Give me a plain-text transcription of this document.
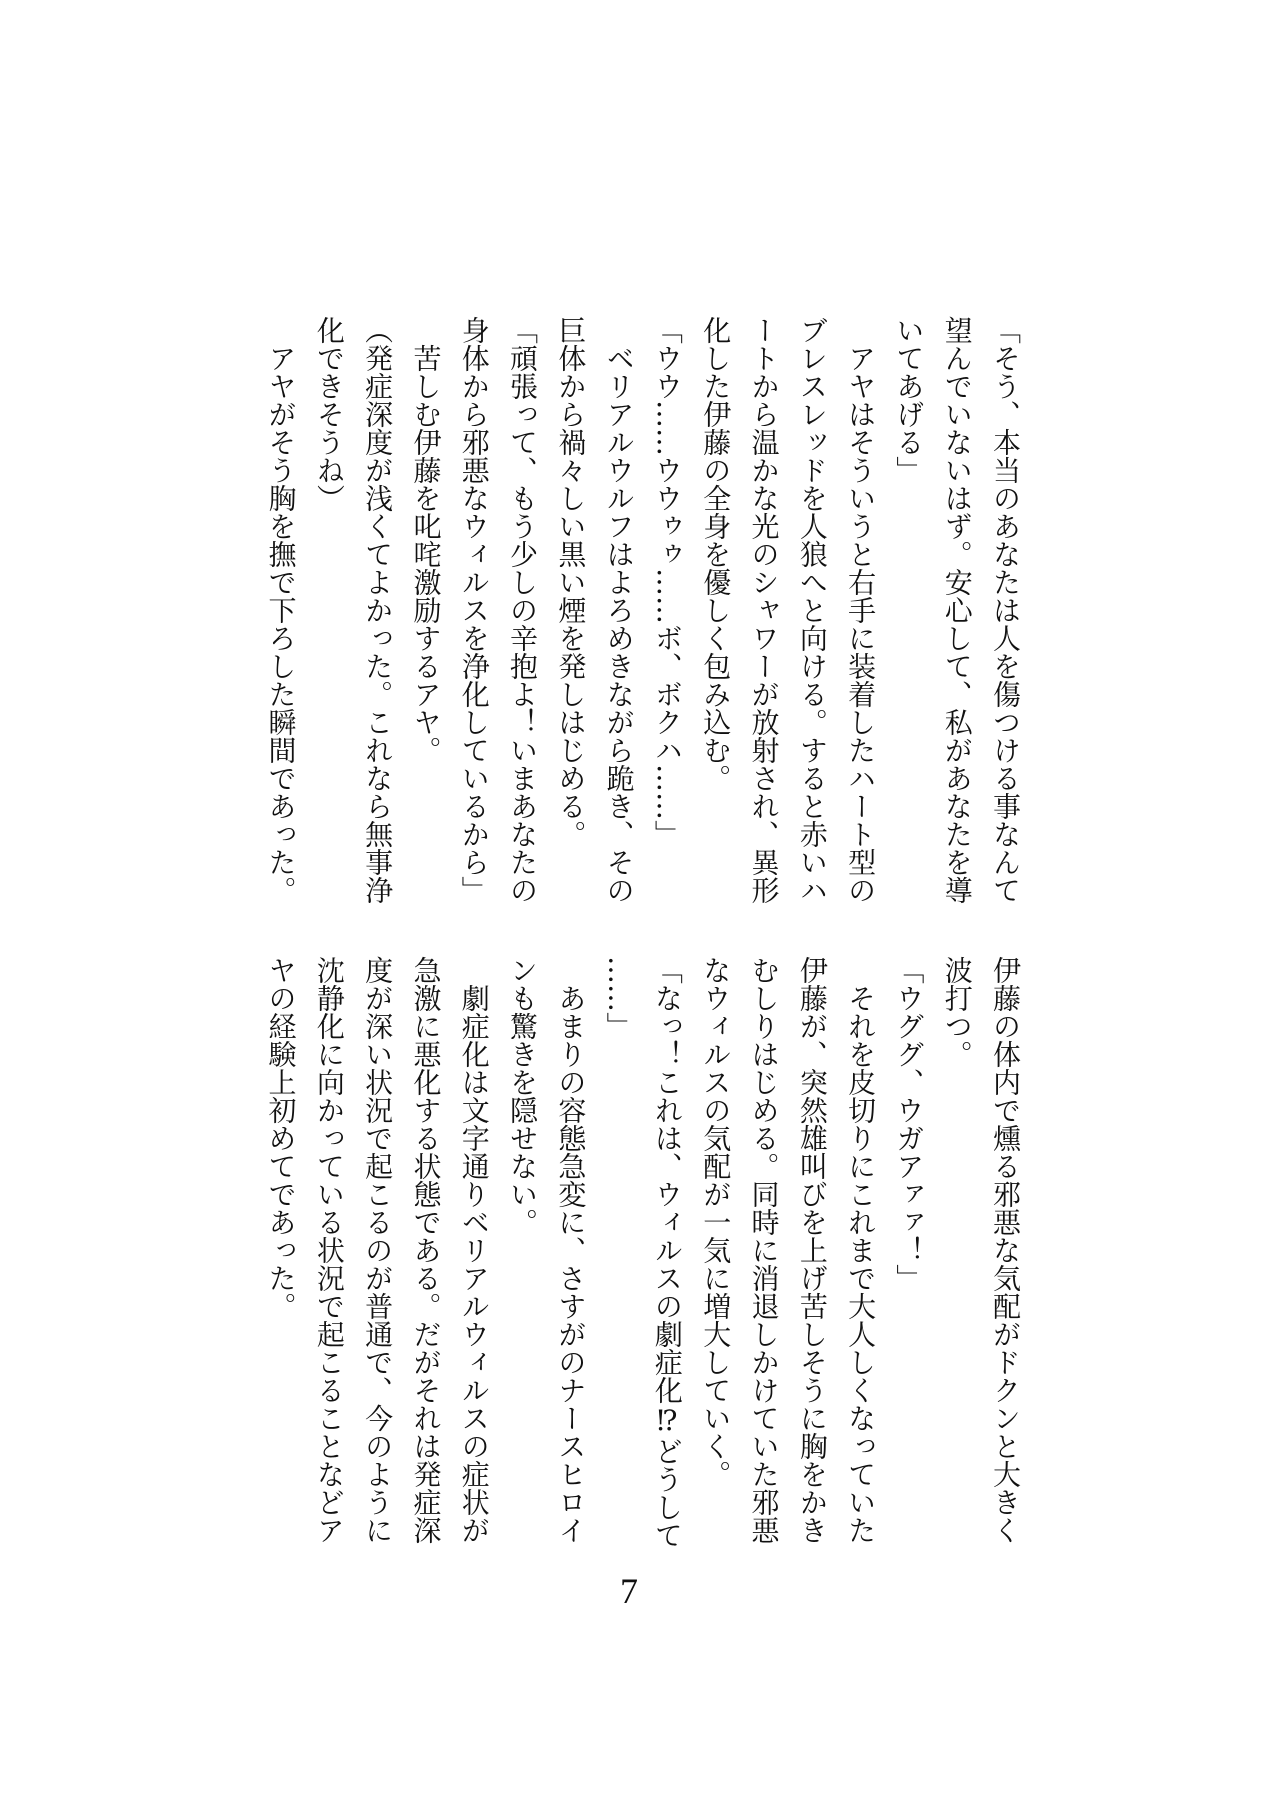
「そう、本当のあなたは人を傷つける事なんて
望んでいないはず。安心して、私があなたを導
いてあげる」
　アヤはそういうと右手に装着したハート型の
ブレスレッドを人狼へと向ける。すると赤いハ
ートから温かな光のシャワーが放射され、異形
化した伊藤の全身を優しく包み込む。
「ウウ……ウウゥゥ……ボ、ボクハ……」
　ベリアルウルフはよろめきながら跪き、その
巨体から禍々しい黒い煙を発しはじめる。
「頑張って、もう少しの辛抱よ！いまあなたの
身体から邪悪なウィルスを浄化しているから」
　苦しむ伊藤を叱咤激励するアヤ。
（発症深度が浅くてよかった。これなら無事浄
化できそうね）
　アヤがそう胸を撫で下ろした瞬間であった。
伊藤の体内で燻る邪悪な気配がドクンと大きく
波打つ。
「ウググ、ウガアァァ！」
　それを皮切りにこれまで大人しくなっていた
伊藤が、突然雄叫びを上げ苦しそうに胸をかき
むしりはじめる。同時に消退しかけていた邪悪
なウィルスの気配が一気に増大していく。
「なっ！これは、ウィルスの劇症化⁉どうして
……」
　あまりの容態急変に、さすがのナースヒロイ
ンも驚きを隠せない。
　劇症化は文字通りベリアルウィルスの症状が
急激に悪化する状態である。だがそれは発症深
度が深い状況で起こるのが普通で、今のように
沈静化に向かっている状況で起こることなどア
ヤの経験上初めてであった。
7
